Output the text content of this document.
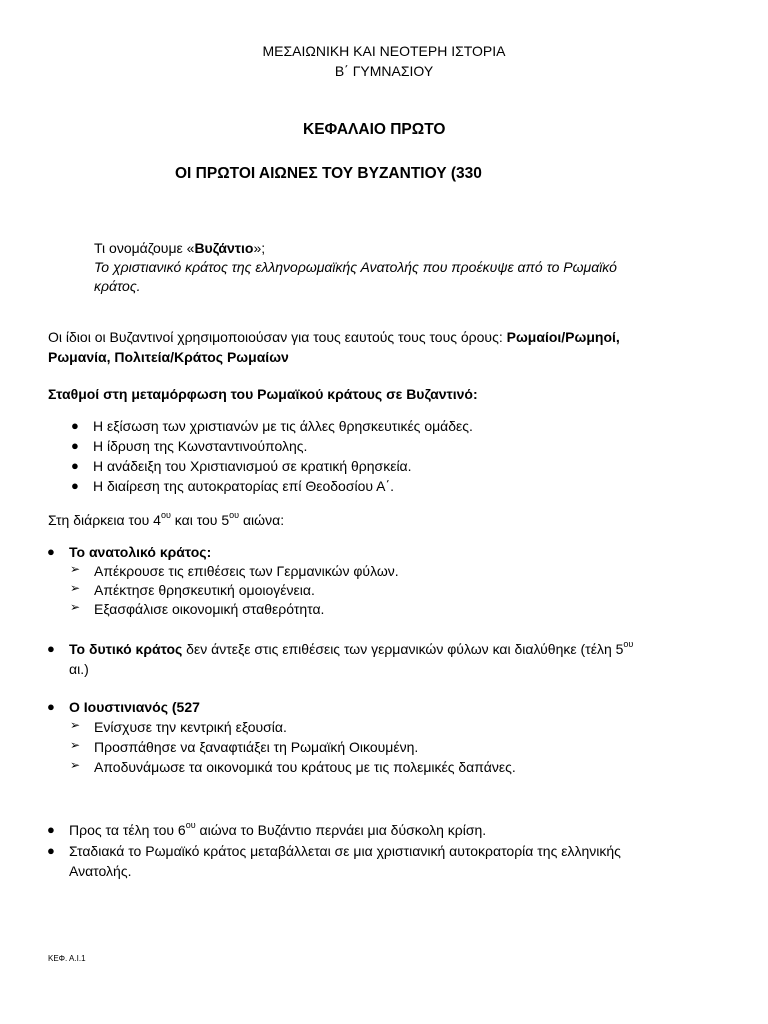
ΜΕΣΑΙΩΝΙΚΗ ΚΑΙ ΝΕΟΤΕΡΗ ΙΣΤΟΡΙΑ
Β΄ ΓΥΜΝΑΣΙΟΥ
ΚΕΦΑΛΑΙΟ ΠΡΩΤΟ
ΟΙ ΠΡΩΤΟΙ ΑΙΩΝΕΣ ΤΟΥ ΒΥΖΑΝΤΙΟΥ (330
Τι ονομάζουμε «Βυζάντιο»;
Το χριστιανικό κράτος της ελληνορωμαϊκής Ανατολής που προέκυψε από το Ρωμαϊκό
κράτος.
Οι ίδιοι οι Βυζαντινοί χρησιμοποιούσαν για τους εαυτούς τους τους όρους: Ρωμαίοι/Ρωμηοί,
Ρωμανία, Πολιτεία/Κράτος Ρωμαίων
Σταθμοί στη μεταμόρφωση του Ρωμαϊκού κράτους σε Βυζαντινό:
● Η εξίσωση των χριστιανών με τις άλλες θρησκευτικές ομάδες.
● Η ίδρυση της Κωνσταντινούπολης.
● Η ανάδειξη του Χριστιανισμού σε κρατική θρησκεία.
● Η διαίρεση της αυτοκρατορίας επί Θεοδοσίου Α΄.
Στη διάρκεια του $4^{o\upsilon}$ και του $5^{o\upsilon}$ αιώνα:
● Το ανατολικό κράτος:
➢ Απέκρουσε τις επιθέσεις των Γερμανικών φύλων.
➢ Απέκτησε θρησκευτική ομοιογένεια.
➢ Εξασφάλισε οικονομική σταθερότητα.
● Το δυτικό κράτος δεν άντεξε στις επιθέσεις των γερμανικών φύλων και διαλύθηκε (τέλη $5^{o\upsilon}$
αι.)
● Ο Ιουστινιανός (527
➢ Ενίσχυσε την κεντρική εξουσία.
➢ Προσπάθησε να ξαναφτιάξει τη Ρωμαϊκή Οικουμένη.
➢ Αποδυνάμωσε τα οικονομικά του κράτους με τις πολεμικές δαπάνες.
● Προς τα τέλη του $6^{o\upsilon}$ αιώνα το Βυζάντιο περνάει μια δύσκολη κρίση.
● Σταδιακά το Ρωμαϊκό κράτος μεταβάλλεται σε μια χριστιανική αυτοκρατορία της ελληνικής
Ανατολής.
ΚΕΦ. Α.Ι.1
